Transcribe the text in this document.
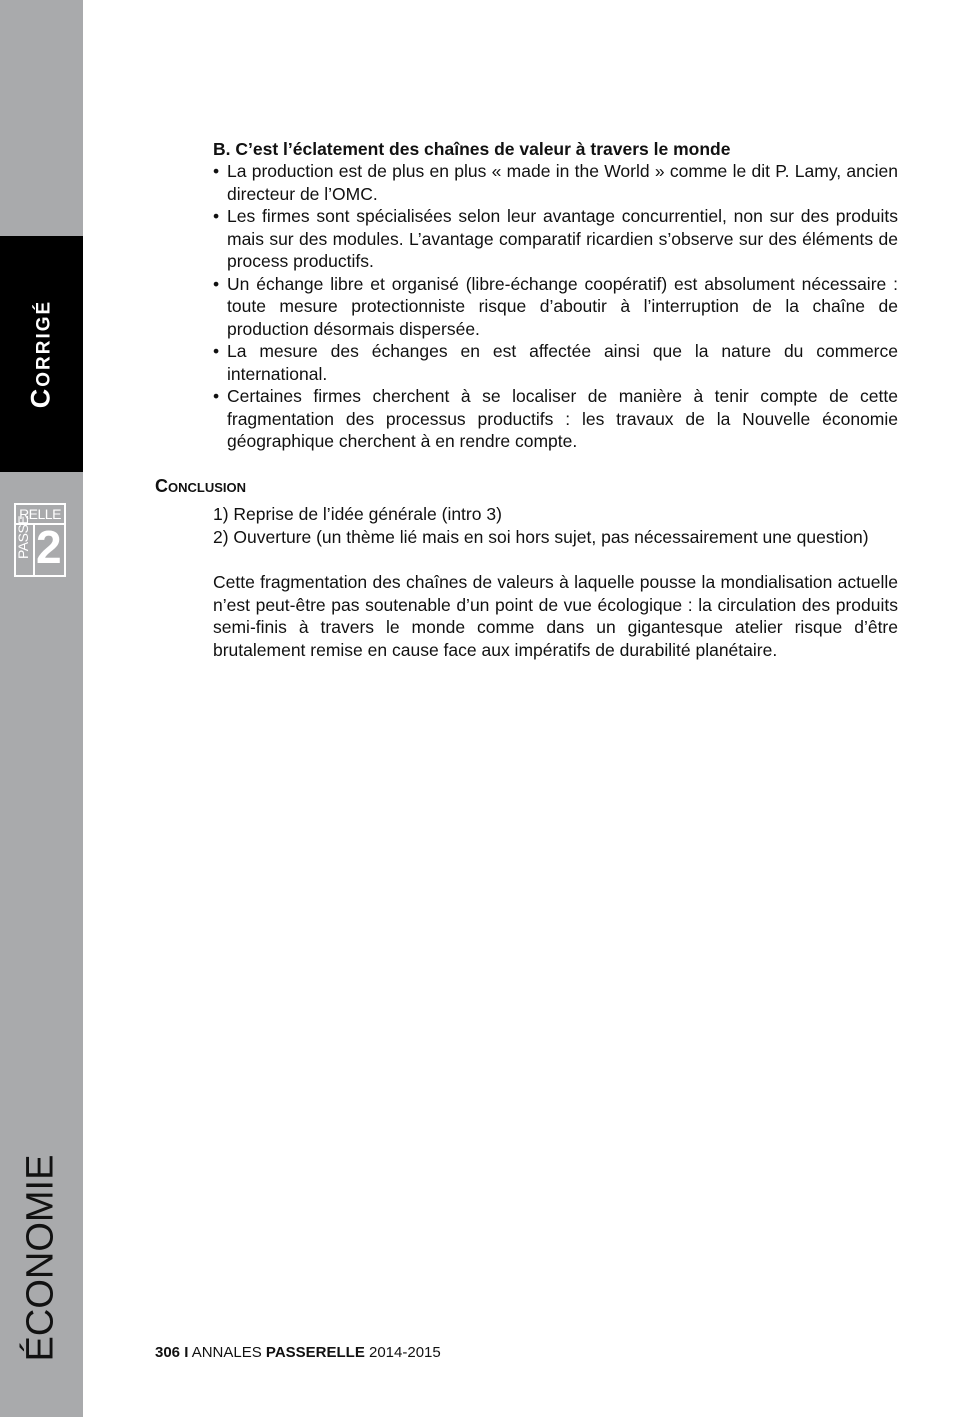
Corrigé
RELLE
PASSE 2
ÉCONOMIE
B. C’est l’éclatement des chaînes de valeur à travers le monde
• La production est de plus en plus « made in the World » comme le dit P. Lamy, ancien directeur de l’OMC.
• Les firmes sont spécialisées selon leur avantage concurrentiel, non sur des produits mais sur des modules. L’avantage comparatif ricardien s’observe sur des éléments de process productifs.
• Un échange libre et organisé (libre-échange coopératif) est absolument nécessaire : toute mesure protectionniste risque d’aboutir à l’interruption de la chaîne de production désormais dispersée.
• La mesure des échanges en est affectée ainsi que la nature du commerce international.
• Certaines firmes cherchent à se localiser de manière à tenir compte de cette fragmentation des processus productifs : les travaux de la Nouvelle économie géographique cherchent à en rendre compte.
Conclusion
1) Reprise de l’idée générale (intro 3)
2) Ouverture (un thème lié mais en soi hors sujet, pas nécessairement une question)

Cette fragmentation des chaînes de valeurs à laquelle pousse la mondialisation actuelle n’est peut-être pas soutenable d’un point de vue écologique : la circulation des produits semi-finis à travers le monde comme dans un gigantesque atelier risque d’être brutalement remise en cause face aux impératifs de durabilité planétaire.

306 I ANNALES PASSERELLE 2014-2015
